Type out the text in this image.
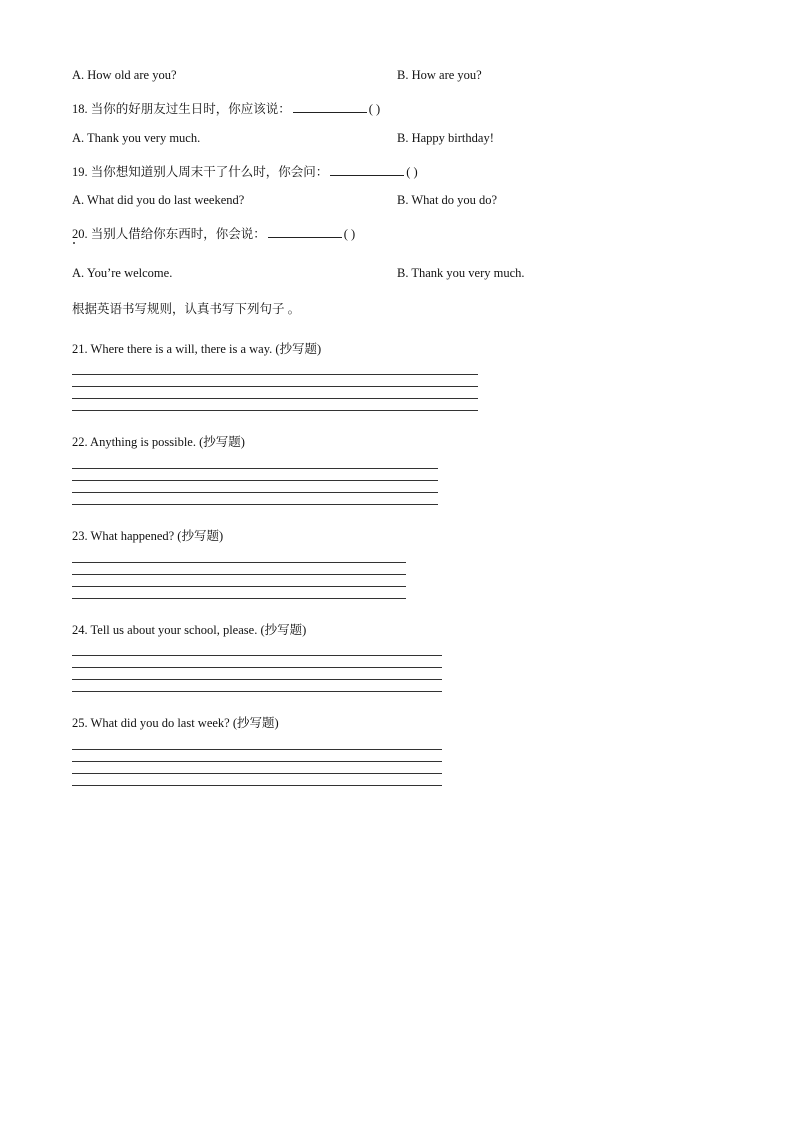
A. How old are you?	B. How are you?
18. 当你的好朋友过生日时，你应该说：	( )
A. Thank you very much.	B. Happy birthday!
19. 当你想知道别人周末干了什么时，你会问：	( )
A. What did you do last weekend?	B. What do you do?
20. 当别人借给你东西时，你会说：	( )
A. You’re welcome.	B. Thank you very much.
根据英语书写规则，认真书写下列句子 。
21. Where there is a will, there is a way. (抄写题)
22. Anything is possible. (抄写题)
23. What happened? (抄写题)
24. Tell us about your school, please. (抄写题)
25. What did you do last week? (抄写题)
